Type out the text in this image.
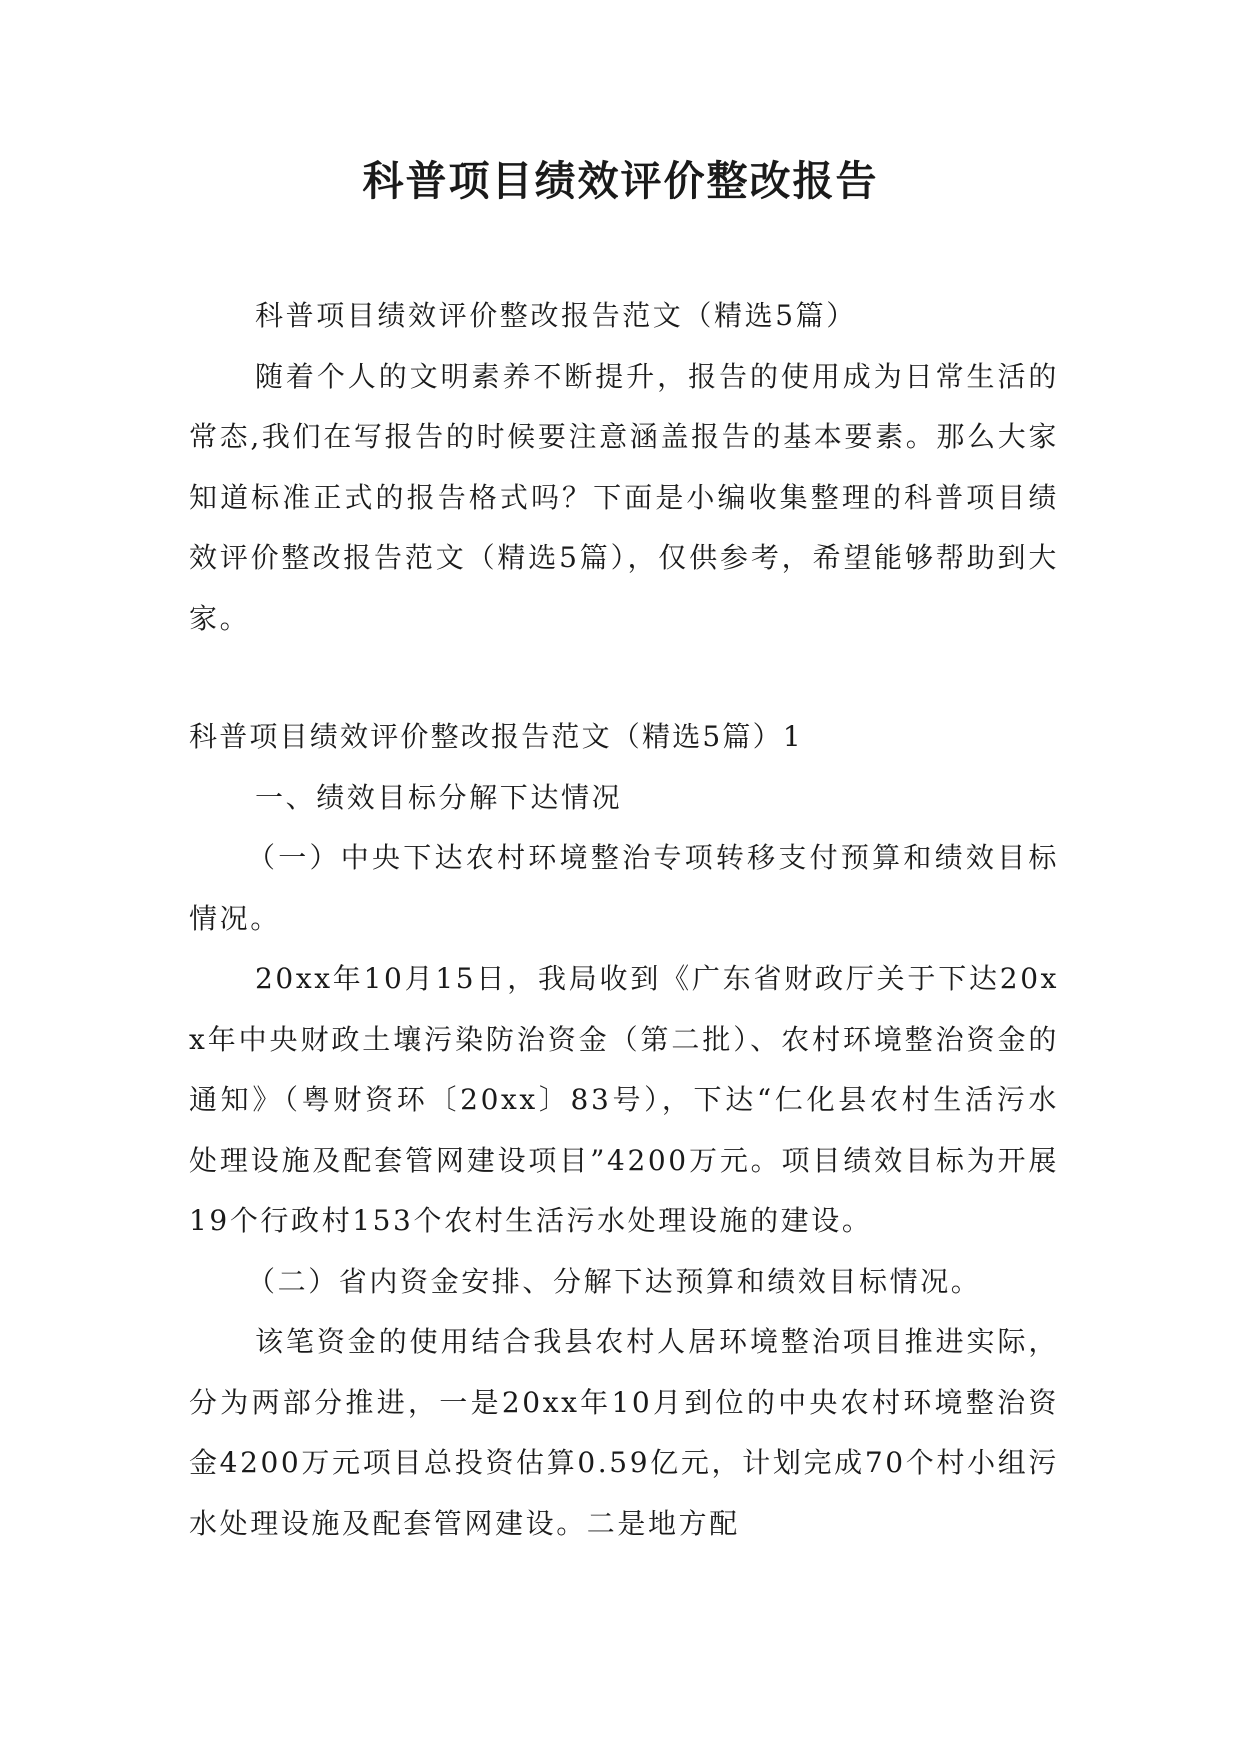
科普项目绩效评价整改报告

科普项目绩效评价整改报告范文（精选5篇）

随着个人的文明素养不断提升，报告的使用成为日常生活的常态,我们在写报告的时候要注意涵盖报告的基本要素。那么大家知道标准正式的报告格式吗？下面是小编收集整理的科普项目绩效评价整改报告范文（精选5篇），仅供参考，希望能够帮助到大家。

科普项目绩效评价整改报告范文（精选5篇）1

一、绩效目标分解下达情况

（一）中央下达农村环境整治专项转移支付预算和绩效目标情况。

20xx年10月15日，我局收到《广东省财政厅关于下达20xx年中央财政土壤污染防治资金（第二批）、农村环境整治资金的通知》（粤财资环〔20xx〕83号），下达“仁化县农村生活污水处理设施及配套管网建设项目”4200万元。项目绩效目标为开展19个行政村153个农村生活污水处理设施的建设。

（二）省内资金安排、分解下达预算和绩效目标情况。

该笔资金的使用结合我县农村人居环境整治项目推进实际，分为两部分推进，一是20xx年10月到位的中央农村环境整治资金4200万元项目总投资估算0.59亿元，计划完成70个村小组污水处理设施及配套管网建设。二是地方配
